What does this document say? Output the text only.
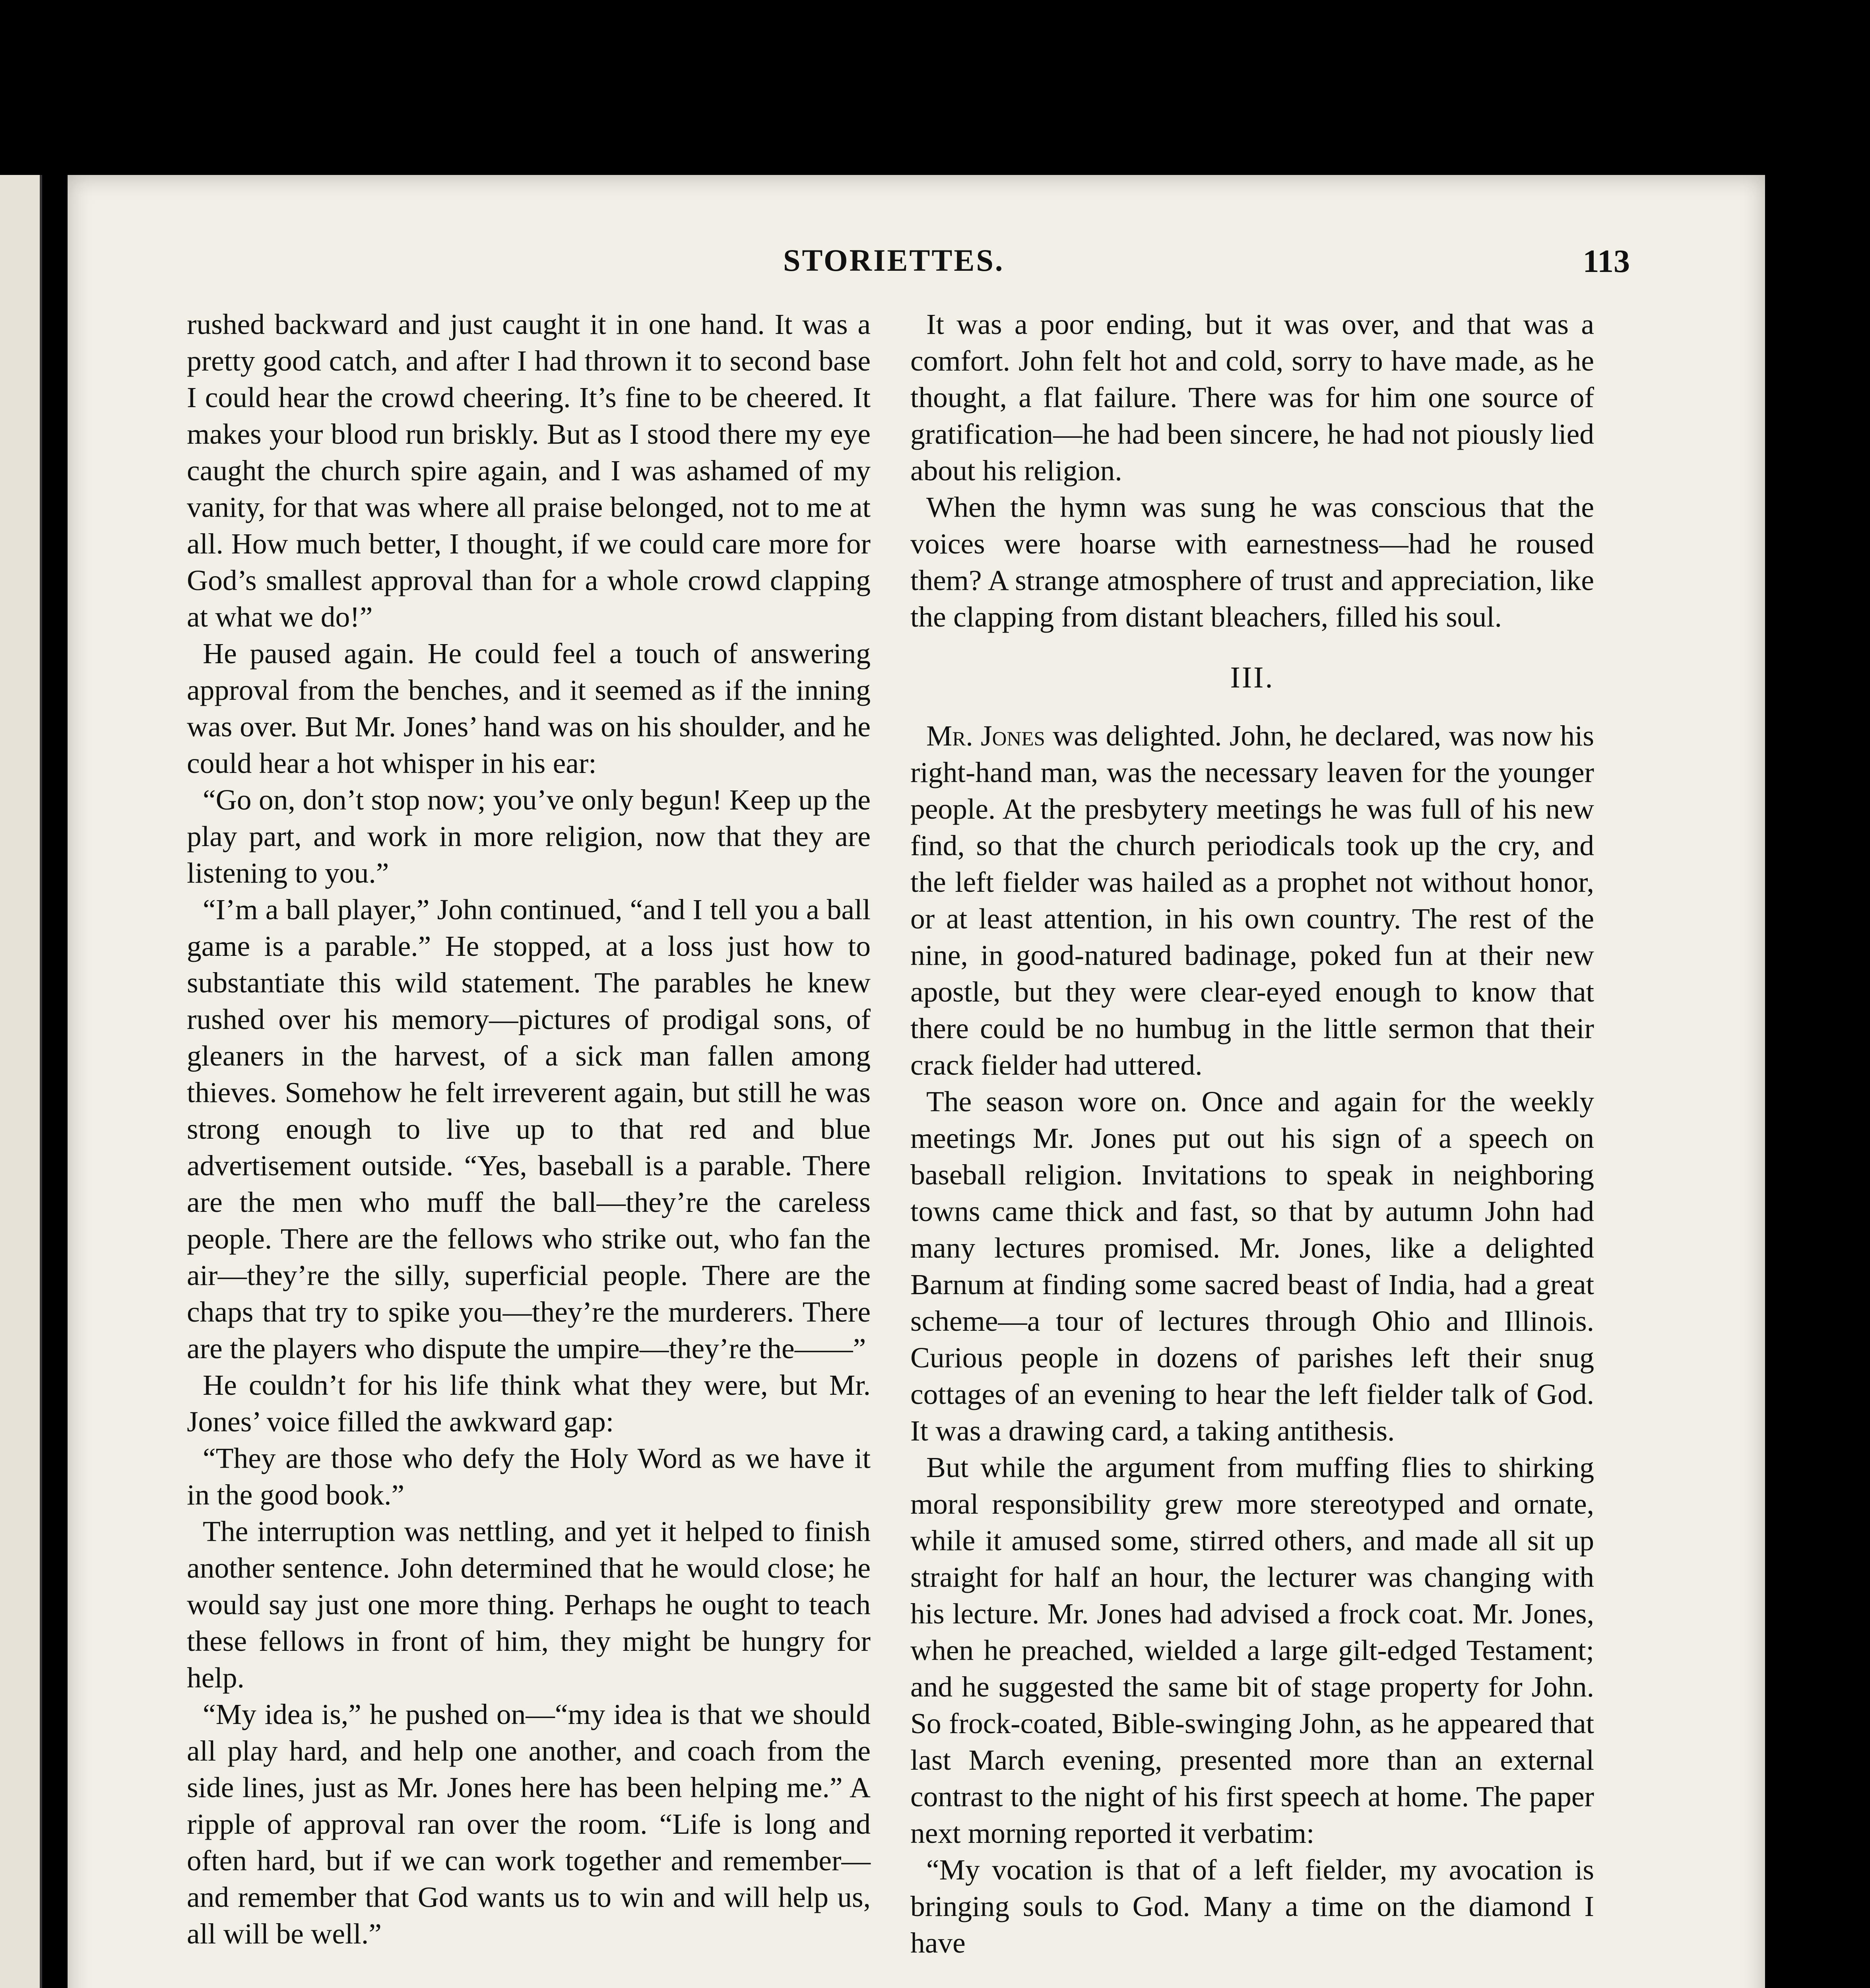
STORIETTES.	113

rushed backward and just caught it in one hand. It was a pretty good catch, and after I had thrown it to second base I could hear the crowd cheering. It’s fine to be cheered. It makes your blood run briskly. But as I stood there my eye caught the church spire again, and I was ashamed of my vanity, for that was where all praise belonged, not to me at all. How much better, I thought, if we could care more for God’s smallest approval than for a whole crowd clapping at what we do!”

He paused again. He could feel a touch of answering approval from the benches, and it seemed as if the inning was over. But Mr. Jones’ hand was on his shoulder, and he could hear a hot whisper in his ear:

“Go on, don’t stop now; you’ve only begun! Keep up the play part, and work in more religion, now that they are listening to you.”

“I’m a ball player,” John continued, “and I tell you a ball game is a parable.” He stopped, at a loss just how to substantiate this wild statement. The parables he knew rushed over his memory—pictures of prodigal sons, of gleaners in the harvest, of a sick man fallen among thieves. Somehow he felt irreverent again, but still he was strong enough to live up to that red and blue advertisement outside. “Yes, baseball is a parable. There are the men who muff the ball—they’re the careless people. There are the fellows who strike out, who fan the air—they’re the silly, superficial people. There are the chaps that try to spike you—they’re the murderers. There are the players who dispute the umpire—they’re the——”

He couldn’t for his life think what they were, but Mr. Jones’ voice filled the awkward gap:

“They are those who defy the Holy Word as we have it in the good book.”

The interruption was nettling, and yet it helped to finish another sentence. John determined that he would close; he would say just one more thing. Perhaps he ought to teach these fellows in front of him, they might be hungry for help.

“My idea is,” he pushed on—“my idea is that we should all play hard, and help one another, and coach from the side lines, just as Mr. Jones here has been helping me.” A ripple of approval ran over the room. “Life is long and often hard, but if we can work together and remember—and remember that God wants us to win and will help us, all will be well.”

It was a poor ending, but it was over, and that was a comfort. John felt hot and cold, sorry to have made, as he thought, a flat failure. There was for him one source of gratification—he had been sincere, he had not piously lied about his religion.

When the hymn was sung he was conscious that the voices were hoarse with earnestness—had he roused them? A strange atmosphere of trust and appreciation, like the clapping from distant bleachers, filled his soul.

III.

Mr. Jones was delighted. John, he declared, was now his right-hand man, was the necessary leaven for the younger people. At the presbytery meetings he was full of his new find, so that the church periodicals took up the cry, and the left fielder was hailed as a prophet not without honor, or at least attention, in his own country. The rest of the nine, in good-natured badinage, poked fun at their new apostle, but they were clear-eyed enough to know that there could be no humbug in the little sermon that their crack fielder had uttered.

The season wore on. Once and again for the weekly meetings Mr. Jones put out his sign of a speech on baseball religion. Invitations to speak in neighboring towns came thick and fast, so that by autumn John had many lectures promised. Mr. Jones, like a delighted Barnum at finding some sacred beast of India, had a great scheme—a tour of lectures through Ohio and Illinois. Curious people in dozens of parishes left their snug cottages of an evening to hear the left fielder talk of God. It was a drawing card, a taking antithesis.

But while the argument from muffing flies to shirking moral responsibility grew more stereotyped and ornate, while it amused some, stirred others, and made all sit up straight for half an hour, the lecturer was changing with his lecture. Mr. Jones had advised a frock coat. Mr. Jones, when he preached, wielded a large gilt-edged Testament; and he suggested the same bit of stage property for John. So frock-coated, Bible-swinging John, as he appeared that last March evening, presented more than an external contrast to the night of his first speech at home. The paper next morning reported it verbatim:

“My vocation is that of a left fielder, my avocation is bringing souls to God. Many a time on the diamond I have
